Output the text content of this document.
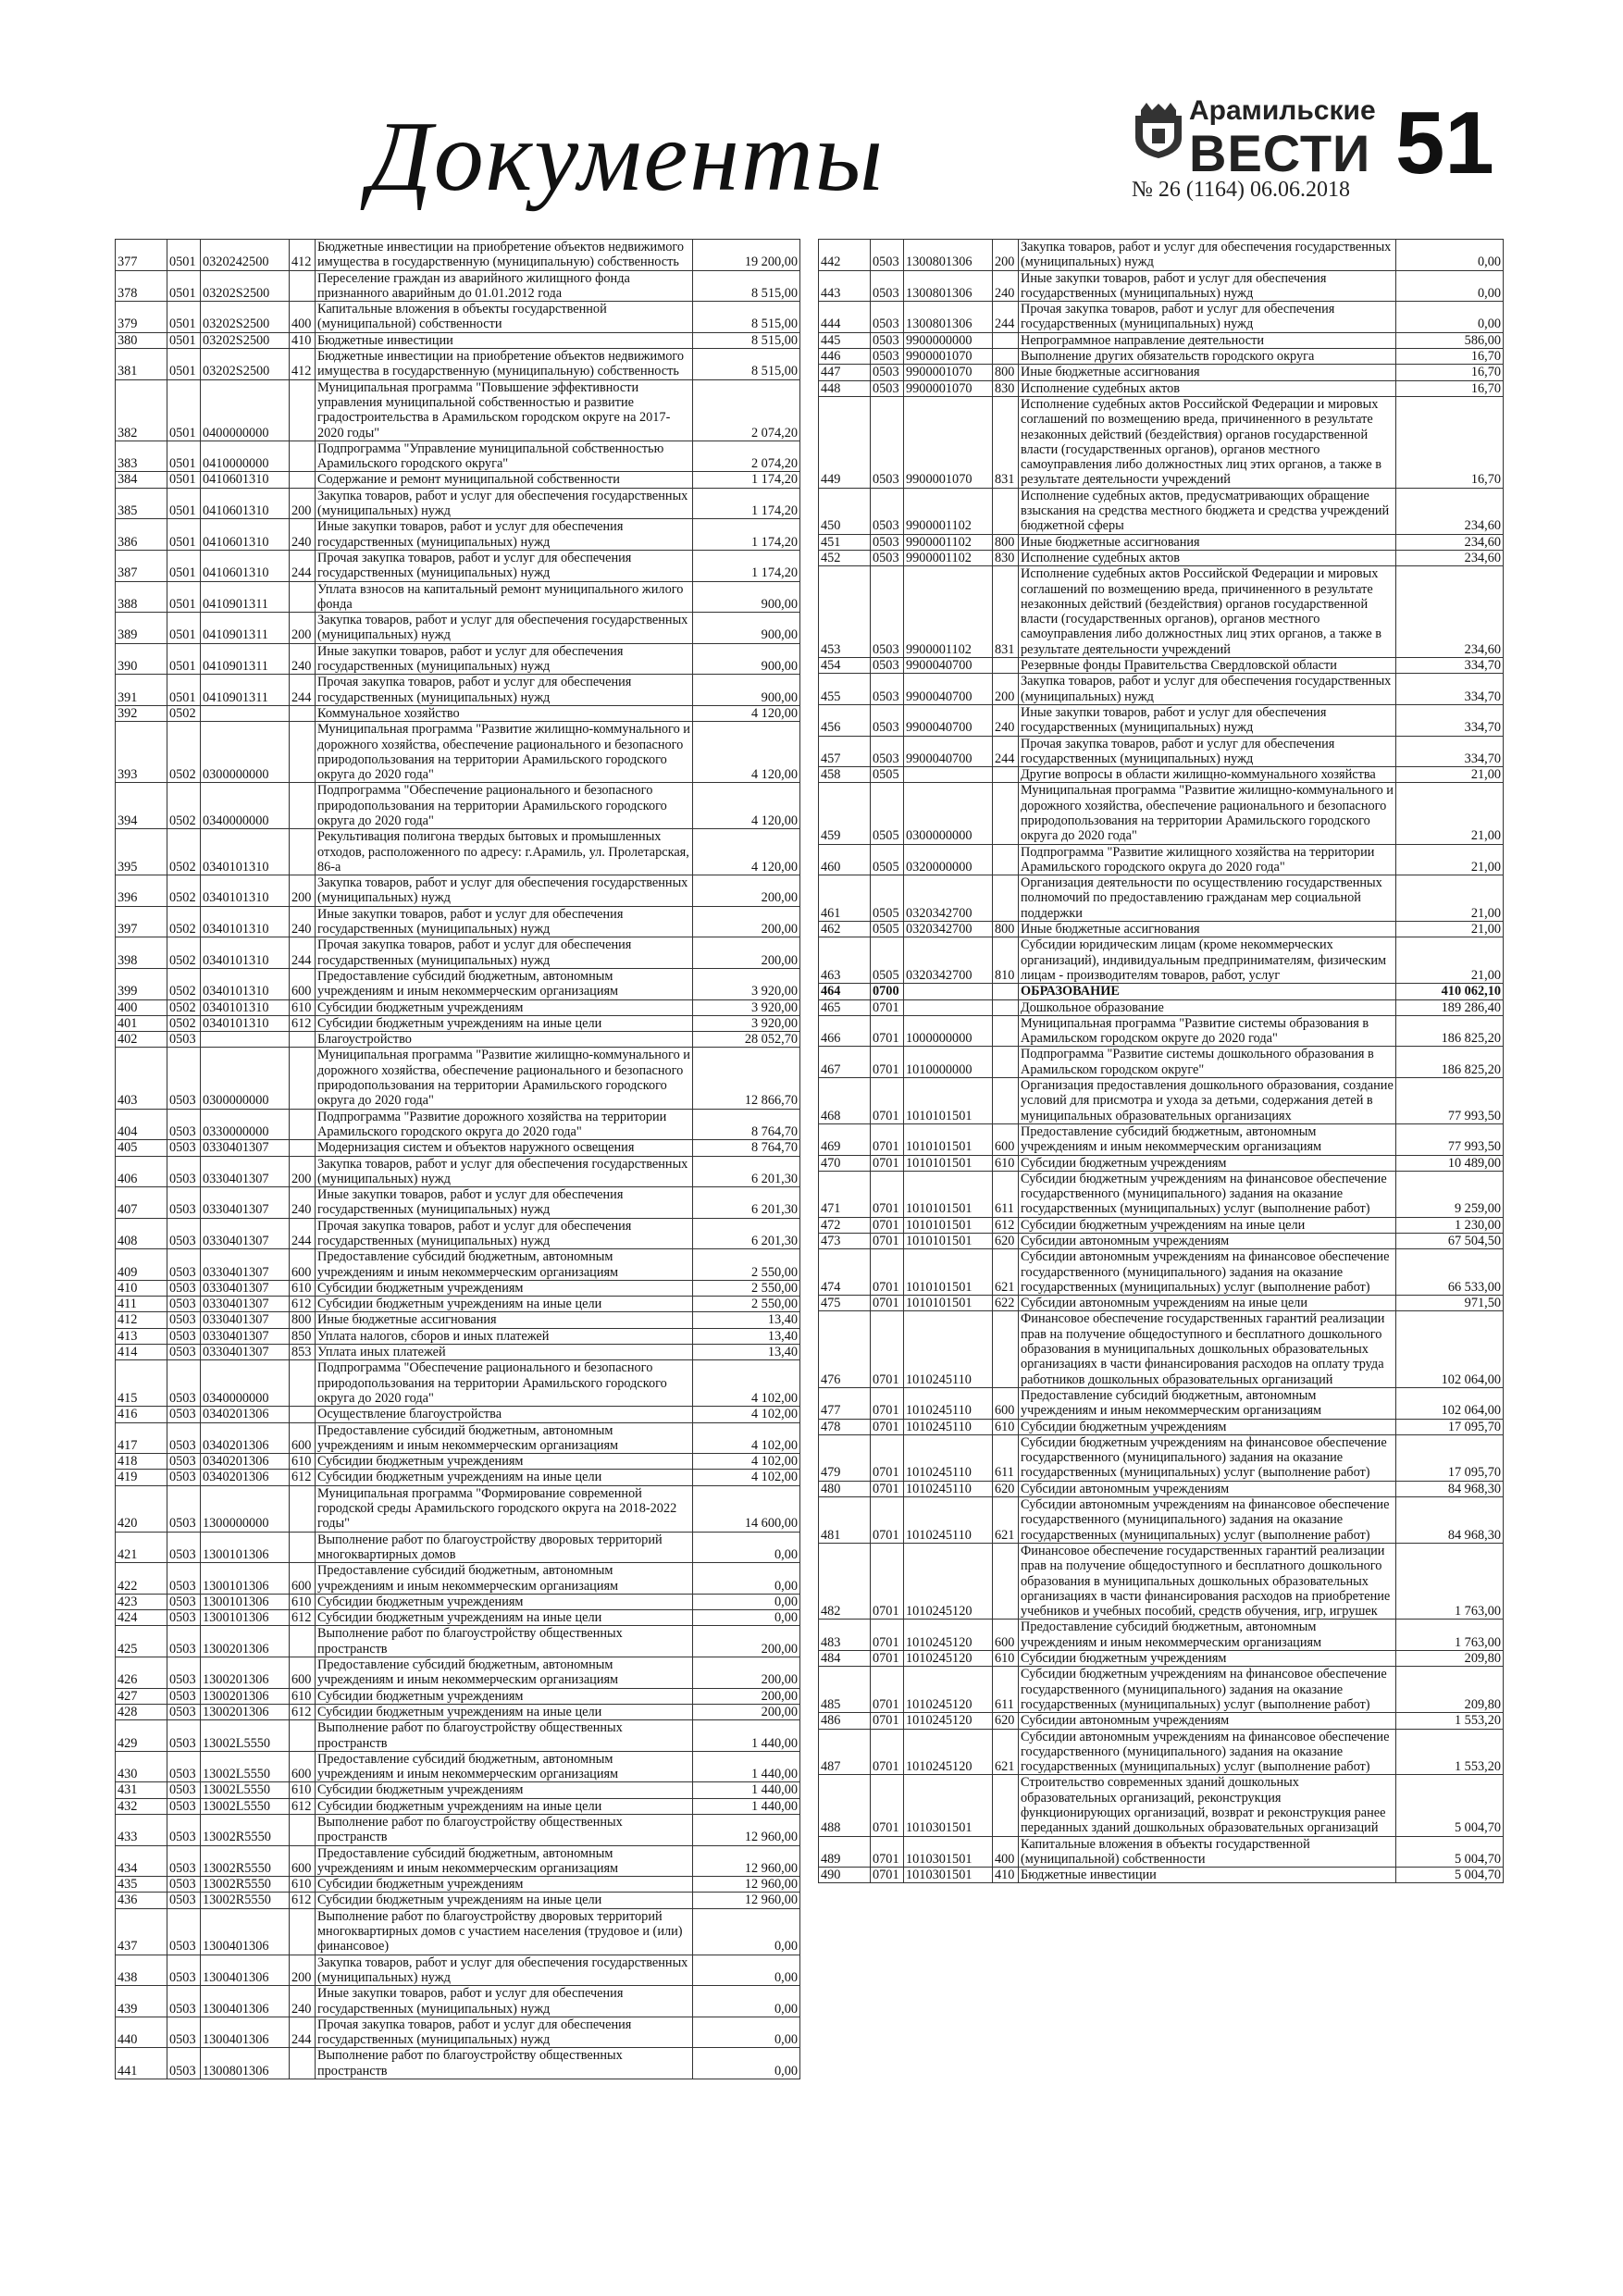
Документы	Арамильские
ВЕСТИ
№ 26 (1164) 06.06.2018 51
377	0501	0320242500	412	Бюджетные инвестиции на приобретение объектов недвижимого имущества в государственную (муниципальную) собственность	19 200,00
378	0501	03202S2500		Переселение граждан из аварийного жилищного фонда признанного аварийным до 01.01.2012 года	8 515,00
379	0501	03202S2500	400	Капитальные вложения в объекты государственной (муниципальной) собственности	8 515,00
380	0501	03202S2500	410	Бюджетные инвестиции	8 515,00
381	0501	03202S2500	412	Бюджетные инвестиции на приобретение объектов недвижимого имущества в государственную (муниципальную) собственность	8 515,00
382	0501	0400000000		Муниципальная программа "Повышение эффективности управления муниципальной собственностью и развитие градостроительства в Арамильском городском округе на 2017-2020 годы"	2 074,20
383	0501	0410000000		Подпрограмма "Управление муниципальной собственностью Арамильского городского округа"	2 074,20
384	0501	0410601310		Содержание и ремонт муниципальной собственности	1 174,20
385	0501	0410601310	200	Закупка товаров, работ и услуг для обеспечения государственных (муниципальных) нужд	1 174,20
386	0501	0410601310	240	Иные закупки товаров, работ и услуг для обеспечения государственных (муниципальных) нужд	1 174,20
387	0501	0410601310	244	Прочая закупка товаров, работ и услуг для обеспечения государственных (муниципальных) нужд	1 174,20
388	0501	0410901311		Уплата взносов на капитальный ремонт муниципального жилого фонда	900,00
389	0501	0410901311	200	Закупка товаров, работ и услуг для обеспечения государственных (муниципальных) нужд	900,00
390	0501	0410901311	240	Иные закупки товаров, работ и услуг для обеспечения государственных (муниципальных) нужд	900,00
391	0501	0410901311	244	Прочая закупка товаров, работ и услуг для обеспечения государственных (муниципальных) нужд	900,00
392	0502			Коммунальное хозяйство	4 120,00
393	0502	0300000000		Муниципальная программа "Развитие жилищно-коммунального и дорожного хозяйства, обеспечение рационального и безопасного природопользования на территории Арамильского городского округа до 2020 года"	4 120,00
394	0502	0340000000		Подпрограмма "Обеспечение рационального и безопасного природопользования на территории Арамильского городского округа до 2020 года"	4 120,00
395	0502	0340101310		Рекультивация полигона твердых бытовых и промышленных отходов, расположенного по адресу: г.Арамиль, ул. Пролетарская, 86-а	4 120,00
396	0502	0340101310	200	Закупка товаров, работ и услуг для обеспечения государственных (муниципальных) нужд	200,00
397	0502	0340101310	240	Иные закупки товаров, работ и услуг для обеспечения государственных (муниципальных) нужд	200,00
398	0502	0340101310	244	Прочая закупка товаров, работ и услуг для обеспечения государственных (муниципальных) нужд	200,00
399	0502	0340101310	600	Предоставление субсидий бюджетным, автономным учреждениям и иным некоммерческим организациям	3 920,00
400	0502	0340101310	610	Субсидии бюджетным учреждениям	3 920,00
401	0502	0340101310	612	Субсидии бюджетным учреждениям на иные цели	3 920,00
402	0503			Благоустройство	28 052,70
403	0503	0300000000		Муниципальная программа "Развитие жилищно-коммунального и дорожного хозяйства, обеспечение рационального и безопасного природопользования на территории Арамильского городского округа до 2020 года"	12 866,70
404	0503	0330000000		Подпрограмма "Развитие дорожного хозяйства на территории Арамильского городского округа до 2020 года"	8 764,70
405	0503	0330401307		Модернизация систем и объектов наружного освещения	8 764,70
406	0503	0330401307	200	Закупка товаров, работ и услуг для обеспечения государственных (муниципальных) нужд	6 201,30
407	0503	0330401307	240	Иные закупки товаров, работ и услуг для обеспечения государственных (муниципальных) нужд	6 201,30
408	0503	0330401307	244	Прочая закупка товаров, работ и услуг для обеспечения государственных (муниципальных) нужд	6 201,30
409	0503	0330401307	600	Предоставление субсидий бюджетным, автономным учреждениям и иным некоммерческим организациям	2 550,00
410	0503	0330401307	610	Субсидии бюджетным учреждениям	2 550,00
411	0503	0330401307	612	Субсидии бюджетным учреждениям на иные цели	2 550,00
412	0503	0330401307	800	Иные бюджетные ассигнования	13,40
413	0503	0330401307	850	Уплата налогов, сборов и иных платежей	13,40
414	0503	0330401307	853	Уплата иных платежей	13,40
415	0503	0340000000		Подпрограмма "Обеспечение рационального и безопасного природопользования на территории Арамильского городского округа до 2020 года"	4 102,00
416	0503	0340201306		Осуществление благоустройства	4 102,00
417	0503	0340201306	600	Предоставление субсидий бюджетным, автономным учреждениям и иным некоммерческим организациям	4 102,00
418	0503	0340201306	610	Субсидии бюджетным учреждениям	4 102,00
419	0503	0340201306	612	Субсидии бюджетным учреждениям на иные цели	4 102,00
420	0503	1300000000		Муниципальная программа "Формирование современной городской среды Арамильского городского округа на 2018-2022 годы"	14 600,00
421	0503	1300101306		Выполнение работ по благоустройству дворовых территорий многоквартирных домов	0,00
422	0503	1300101306	600	Предоставление субсидий бюджетным, автономным учреждениям и иным некоммерческим организациям	0,00
423	0503	1300101306	610	Субсидии бюджетным учреждениям	0,00
424	0503	1300101306	612	Субсидии бюджетным учреждениям на иные цели	0,00
425	0503	1300201306		Выполнение работ по благоустройству общественных пространств	200,00
426	0503	1300201306	600	Предоставление субсидий бюджетным, автономным учреждениям и иным некоммерческим организациям	200,00
427	0503	1300201306	610	Субсидии бюджетным учреждениям	200,00
428	0503	1300201306	612	Субсидии бюджетным учреждениям на иные цели	200,00
429	0503	13002L5550		Выполнение работ по благоустройству общественных пространств	1 440,00
430	0503	13002L5550	600	Предоставление субсидий бюджетным, автономным учреждениям и иным некоммерческим организациям	1 440,00
431	0503	13002L5550	610	Субсидии бюджетным учреждениям	1 440,00
432	0503	13002L5550	612	Субсидии бюджетным учреждениям на иные цели	1 440,00
433	0503	13002R5550		Выполнение работ по благоустройству общественных пространств	12 960,00
434	0503	13002R5550	600	Предоставление субсидий бюджетным, автономным учреждениям и иным некоммерческим организациям	12 960,00
435	0503	13002R5550	610	Субсидии бюджетным учреждениям	12 960,00
436	0503	13002R5550	612	Субсидии бюджетным учреждениям на иные цели	12 960,00
437	0503	1300401306		Выполнение работ по благоустройству дворовых территорий многоквартирных домов с участием населения (трудовое и (или) финансовое)	0,00
438	0503	1300401306	200	Закупка товаров, работ и услуг для обеспечения государственных (муниципальных) нужд	0,00
439	0503	1300401306	240	Иные закупки товаров, работ и услуг для обеспечения государственных (муниципальных) нужд	0,00
440	0503	1300401306	244	Прочая закупка товаров, работ и услуг для обеспечения государственных (муниципальных) нужд	0,00
441	0503	1300801306		Выполнение работ по благоустройству общественных пространств	0,00
442	0503	1300801306	200	Закупка товаров, работ и услуг для обеспечения государственных (муниципальных) нужд	0,00
443	0503	1300801306	240	Иные закупки товаров, работ и услуг для обеспечения государственных (муниципальных) нужд	0,00
444	0503	1300801306	244	Прочая закупка товаров, работ и услуг для обеспечения государственных (муниципальных) нужд	0,00
445	0503	9900000000		Непрограммное направление деятельности	586,00
446	0503	9900001070		Выполнение других обязательств городского округа	16,70
447	0503	9900001070	800	Иные бюджетные ассигнования	16,70
448	0503	9900001070	830	Исполнение судебных актов	16,70
449	0503	9900001070	831	Исполнение судебных актов Российской Федерации и мировых соглашений по возмещению вреда, причиненного в результате незаконных действий (бездействия) органов государственной власти (государственных органов), органов местного самоуправления либо должностных лиц этих органов, а также в результате деятельности учреждений	16,70
450	0503	9900001102		Исполнение судебных актов, предусматривающих обращение взыскания на средства местного бюджета и средства учреждений бюджетной сферы	234,60
451	0503	9900001102	800	Иные бюджетные ассигнования	234,60
452	0503	9900001102	830	Исполнение судебных актов	234,60
453	0503	9900001102	831	Исполнение судебных актов Российской Федерации и мировых соглашений по возмещению вреда, причиненного в результате незаконных действий (бездействия) органов государственной власти (государственных органов), органов местного самоуправления либо должностных лиц этих органов, а также в результате деятельности учреждений	234,60
454	0503	9900040700		Резервные фонды Правительства Свердловской области	334,70
455	0503	9900040700	200	Закупка товаров, работ и услуг для обеспечения государственных (муниципальных) нужд	334,70
456	0503	9900040700	240	Иные закупки товаров, работ и услуг для обеспечения государственных (муниципальных) нужд	334,70
457	0503	9900040700	244	Прочая закупка товаров, работ и услуг для обеспечения государственных (муниципальных) нужд	334,70
458	0505			Другие вопросы в области жилищно-коммунального хозяйства	21,00
459	0505	0300000000		Муниципальная программа "Развитие жилищно-коммунального и дорожного хозяйства, обеспечение рационального и безопасного природопользования на территории Арамильского городского округа до 2020 года"	21,00
460	0505	0320000000		Подпрограмма "Развитие жилищного хозяйства на территории Арамильского городского округа до 2020 года"	21,00
461	0505	0320342700		Организация деятельности по осуществлению государственных полномочий по предоставлению гражданам мер социальной поддержки	21,00
462	0505	0320342700	800	Иные бюджетные ассигнования	21,00
463	0505	0320342700	810	Субсидии юридическим лицам (кроме некоммерческих организаций), индивидуальным предпринимателям, физическим лицам - производителям товаров, работ, услуг	21,00
464	0700			ОБРАЗОВАНИЕ	410 062,10
465	0701			Дошкольное образование	189 286,40
466	0701	1000000000		Муниципальная программа "Развитие системы образования в Арамильском городском округе до 2020 года"	186 825,20
467	0701	1010000000		Подпрограмма "Развитие системы дошкольного образования в Арамильском городском округе"	186 825,20
468	0701	1010101501		Организация предоставления дошкольного образования, создание условий для присмотра и ухода за детьми, содержания детей в муниципальных образовательных организациях	77 993,50
469	0701	1010101501	600	Предоставление субсидий бюджетным, автономным учреждениям и иным некоммерческим организациям	77 993,50
470	0701	1010101501	610	Субсидии бюджетным учреждениям	10 489,00
471	0701	1010101501	611	Субсидии бюджетным учреждениям на финансовое обеспечение государственного (муниципального) задания на оказание государственных (муниципальных) услуг (выполнение работ)	9 259,00
472	0701	1010101501	612	Субсидии бюджетным учреждениям на иные цели	1 230,00
473	0701	1010101501	620	Субсидии автономным учреждениям	67 504,50
474	0701	1010101501	621	Субсидии автономным учреждениям на финансовое обеспечение государственного (муниципального) задания на оказание государственных (муниципальных) услуг (выполнение работ)	66 533,00
475	0701	1010101501	622	Субсидии автономным учреждениям на иные цели	971,50
476	0701	1010245110		Финансовое обеспечение государственных гарантий реализации прав на получение общедоступного и бесплатного дошкольного образования в муниципальных дошкольных образовательных организациях в части финансирования расходов на оплату труда работников дошкольных образовательных организаций	102 064,00
477	0701	1010245110	600	Предоставление субсидий бюджетным, автономным учреждениям и иным некоммерческим организациям	102 064,00
478	0701	1010245110	610	Субсидии бюджетным учреждениям	17 095,70
479	0701	1010245110	611	Субсидии бюджетным учреждениям на финансовое обеспечение государственного (муниципального) задания на оказание государственных (муниципальных) услуг (выполнение работ)	17 095,70
480	0701	1010245110	620	Субсидии автономным учреждениям	84 968,30
481	0701	1010245110	621	Субсидии автономным учреждениям на финансовое обеспечение государственного (муниципального) задания на оказание государственных (муниципальных) услуг (выполнение работ)	84 968,30
482	0701	1010245120		Финансовое обеспечение государственных гарантий реализации прав на получение общедоступного и бесплатного дошкольного образования в муниципальных дошкольных образовательных организациях в части финансирования расходов на приобретение учебников и учебных пособий, средств обучения, игр, игрушек	1 763,00
483	0701	1010245120	600	Предоставление субсидий бюджетным, автономным учреждениям и иным некоммерческим организациям	1 763,00
484	0701	1010245120	610	Субсидии бюджетным учреждениям	209,80
485	0701	1010245120	611	Субсидии бюджетным учреждениям на финансовое обеспечение государственного (муниципального) задания на оказание государственных (муниципальных) услуг (выполнение работ)	209,80
486	0701	1010245120	620	Субсидии автономным учреждениям	1 553,20
487	0701	1010245120	621	Субсидии автономным учреждениям на финансовое обеспечение государственного (муниципального) задания на оказание государственных (муниципальных) услуг (выполнение работ)	1 553,20
488	0701	1010301501		Строительство современных зданий дошкольных образовательных организаций, реконструкция функционирующих организаций, возврат и реконструкция ранее переданных зданий дошкольных образовательных организаций	5 004,70
489	0701	1010301501	400	Капитальные вложения в объекты государственной (муниципальной) собственности	5 004,70
490	0701	1010301501	410	Бюджетные инвестиции	5 004,70
